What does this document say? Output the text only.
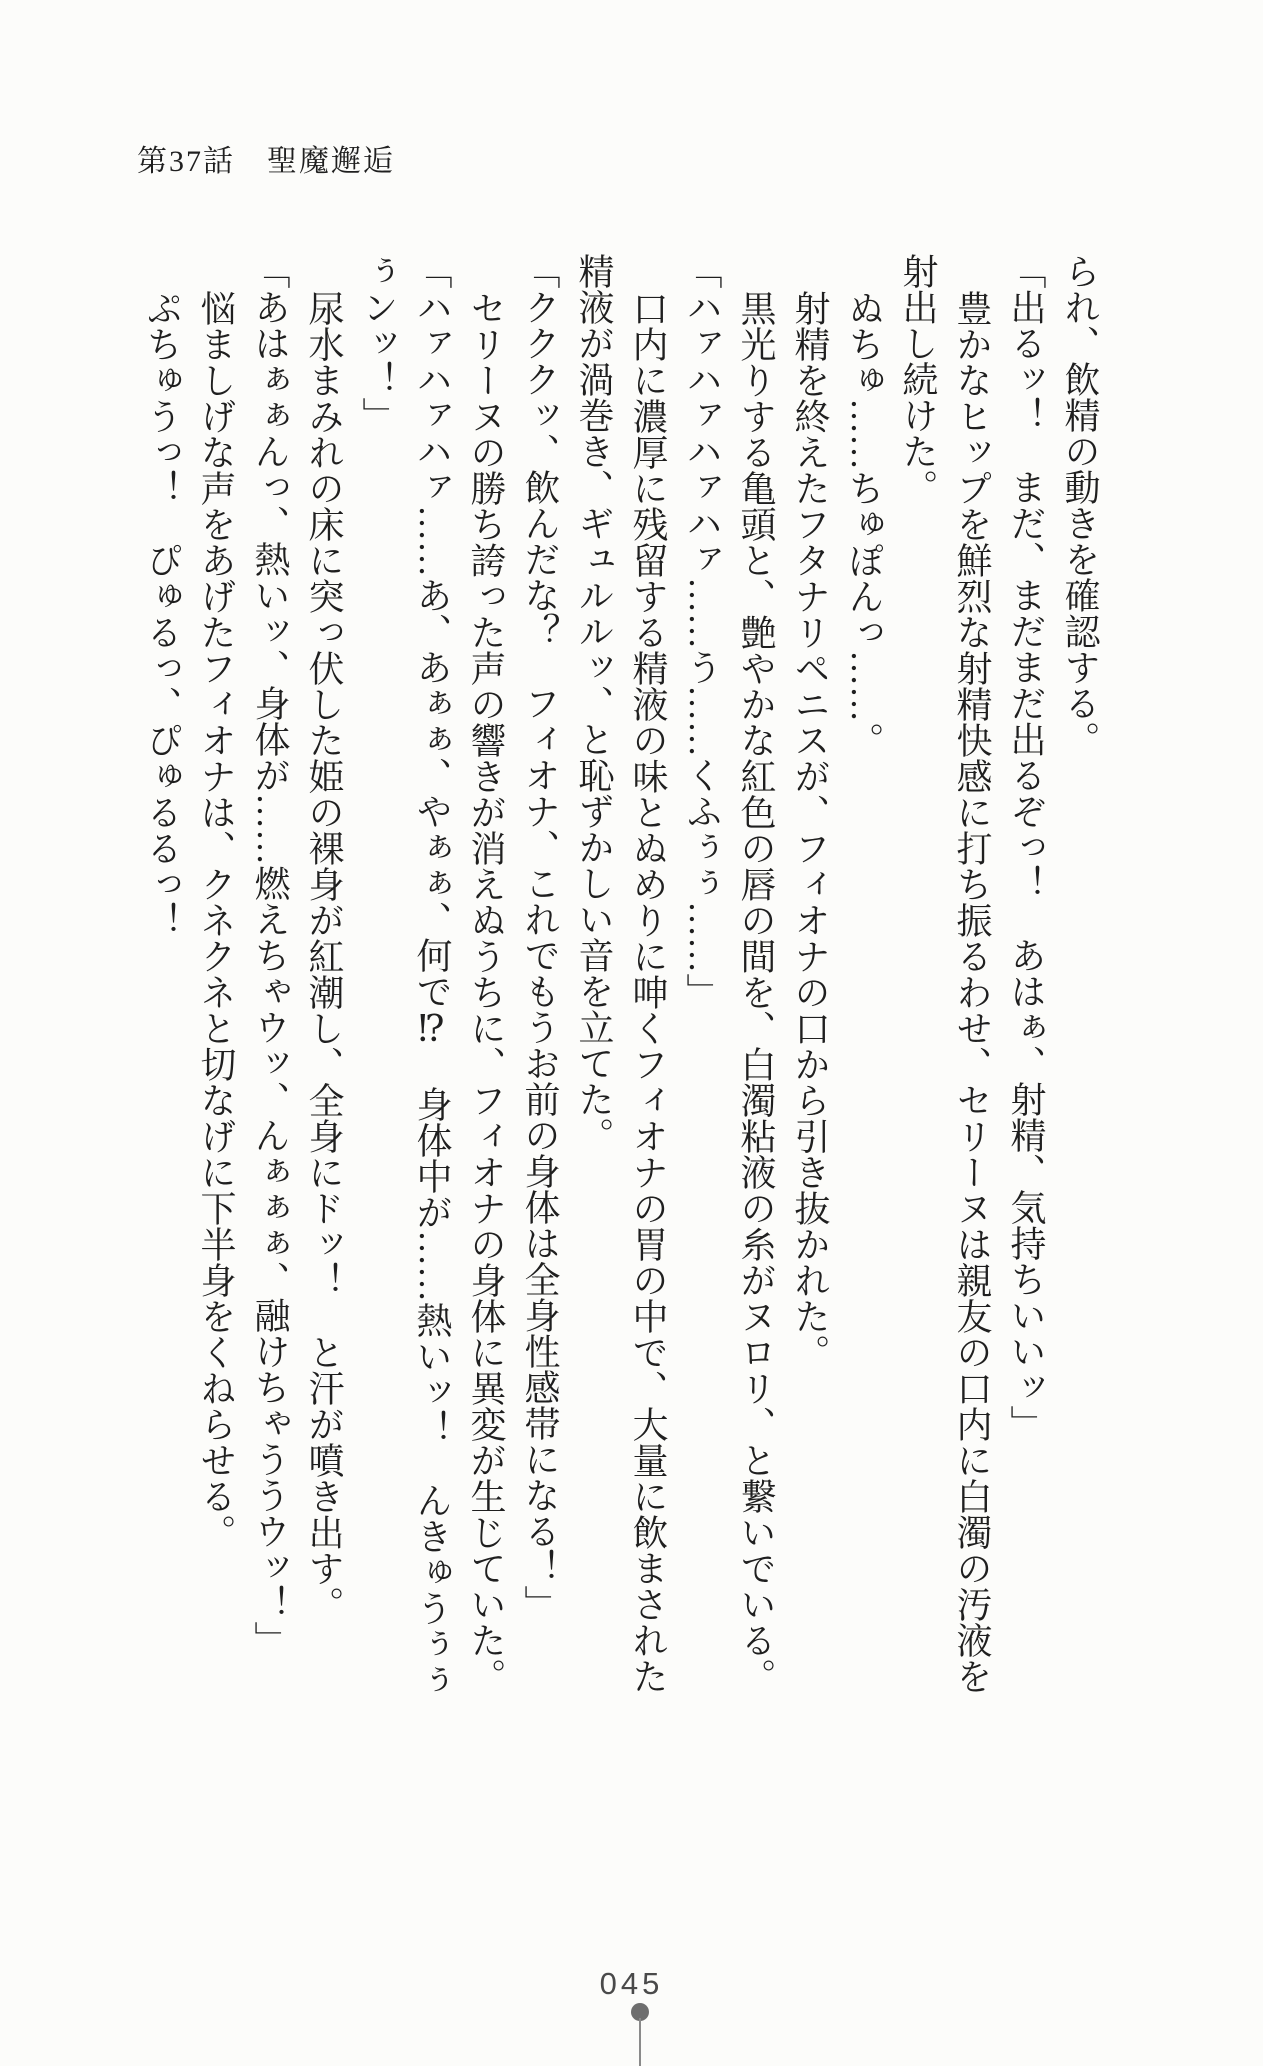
第37話　聖魔邂逅

られ、飲精の動きを確認する。

「出るッ！　まだ、まだまだ出るぞっ！　あはぁ、射精、気持ちいいッ」

豊かなヒップを鮮烈な射精快感に打ち振るわせ、セリーヌは親友の口内に白濁の汚液を

射出し続けた。

ぬちゅ……ちゅぽんっ……。

射精を終えたフタナリペニスが、フィオナの口から引き抜かれた。

黒光りする亀頭と、艶やかな紅色の唇の間を、白濁粘液の糸がヌロリ、と繋いでいる。

「ハァハァハァハァ……う……くふぅぅ……」

口内に濃厚に残留する精液の味とぬめりに呻くフィオナの胃の中で、大量に飲まされた

精液が渦巻き、ギュルルッ、と恥ずかしい音を立てた。

「クククッ、飲んだな？　フィオナ、これでもうお前の身体は全身性感帯になる！」

セリーヌの勝ち誇った声の響きが消えぬうちに、フィオナの身体に異変が生じていた。

「ハァハァハァ……あ、あぁぁ、やぁぁ、何で⁉　身体中が……熱いッ！　んきゅうぅぅ

ぅンッ！」

尿水まみれの床に突っ伏した姫の裸身が紅潮し、全身にドッ！　と汗が噴き出す。

「あはぁぁんっ、熱いッ、身体が……燃えちゃウッ、んぁぁぁ、融けちゃううウッ！」

悩ましげな声をあげたフィオナは、クネクネと切なげに下半身をくねらせる。

ぷちゅうっ！　ぴゅるっ、ぴゅるるっ！

045
